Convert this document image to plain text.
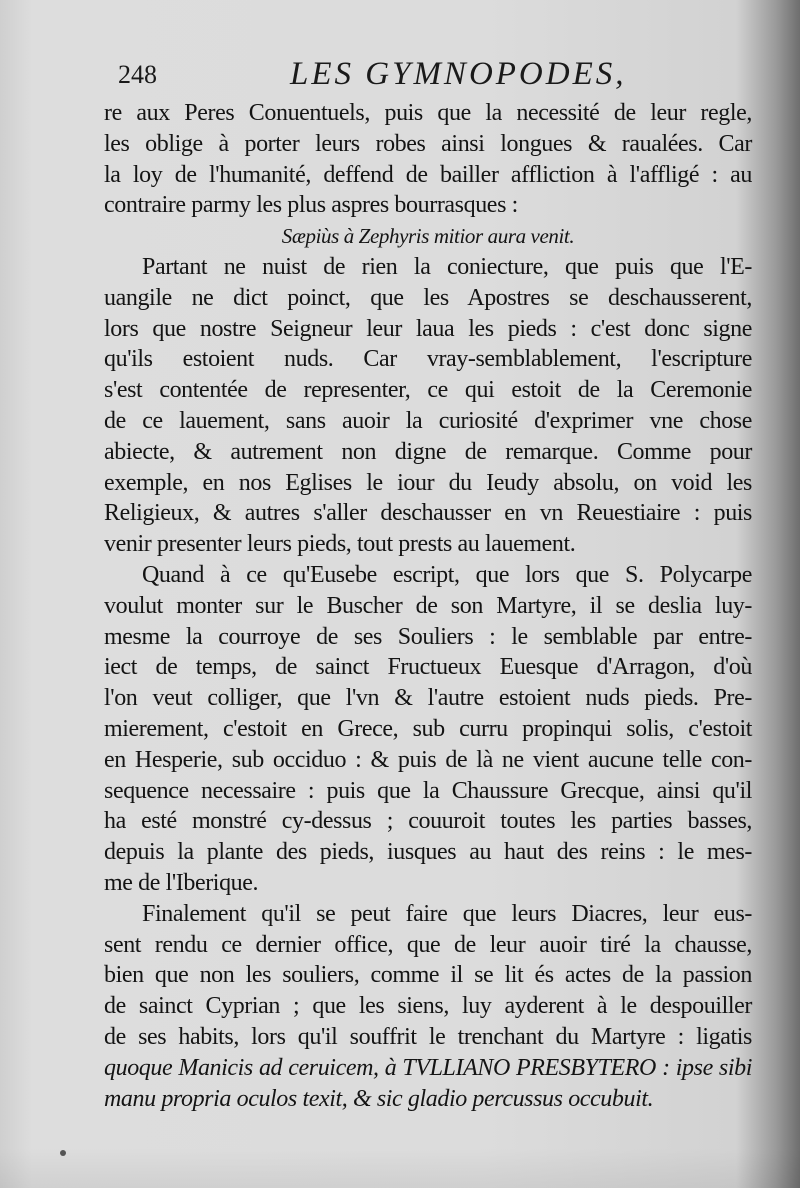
248	LES GYMNOPODES,
re aux Peres Conuentuels, puis que la necessité de leur regle,
les oblige à porter leurs robes ainsi longues & raualées. Car
la loy de l'humanité, deffend de bailler affliction à l'affligé : au
contraire parmy les plus aspres bourrasques :
Sæpiùs à Zephyris mitior aura venit.
Partant ne nuist de rien la coniecture, que puis que l'E-
uangile ne dict poinct, que les Apostres se deschausserent,
lors que nostre Seigneur leur laua les pieds : c'est donc signe
qu'ils estoient nuds. Car vray-semblablement, l'escripture
s'est contentée de representer, ce qui estoit de la Ceremonie
de ce lauement, sans auoir la curiosité d'exprimer vne chose
abiecte, & autrement non digne de remarque. Comme pour
exemple, en nos Eglises le iour du Ieudy absolu, on void les
Religieux, & autres s'aller deschausser en vn Reuestiaire : puis
venir presenter leurs pieds, tout prests au lauement.
Quand à ce qu'Eusebe escript, que lors que S. Polycarpe
voulut monter sur le Buscher de son Martyre, il se deslia luy-
mesme la courroye de ses Souliers : le semblable par entre-
iect de temps, de sainct Fructueux Euesque d'Arragon, d'où
l'on veut colliger, que l'vn & l'autre estoient nuds pieds. Pre-
mierement, c'estoit en Grece, sub curru propinqui solis, c'estoit
en Hesperie, sub occiduo : & puis de là ne vient aucune telle con-
sequence necessaire : puis que la Chaussure Grecque, ainsi qu'il
ha esté monstré cy-dessus ; couuroit toutes les parties basses,
depuis la plante des pieds, iusques au haut des reins : le mes-
me de l'Iberique.
Finalement qu'il se peut faire que leurs Diacres, leur eus-
sent rendu ce dernier office, que de leur auoir tiré la chausse,
bien que non les souliers, comme il se lit és actes de la passion
de sainct Cyprian ; que les siens, luy ayderent à le despouiller
de ses habits, lors qu'il souffrit le trenchant du Martyre : ligatis
quoque Manicis ad ceruicem, à TVLLIANO PRESBYTERO : ipse sibi
manu propria oculos texit, & sic gladio percussus occubuit.
